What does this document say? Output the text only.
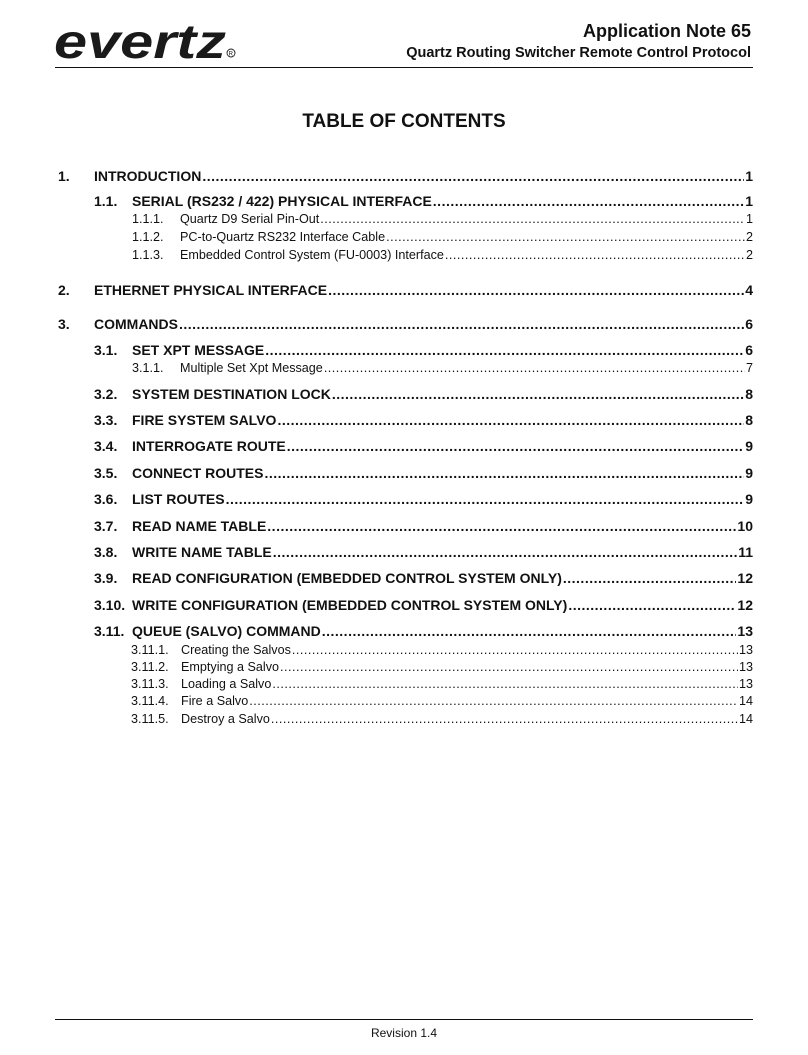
evertz R
Application Note 65
Quartz Routing Switcher Remote Control Protocol
TABLE OF CONTENTS
1.	INTRODUCTION .....	1
1.1.	SERIAL (RS232 / 422) PHYSICAL INTERFACE .....	1
1.1.1.	Quartz D9 Serial Pin-Out .....	1
1.1.2.	PC-to-Quartz RS232 Interface Cable .....	2
1.1.3.	Embedded Control System (FU-0003) Interface .....	2
2.	ETHERNET PHYSICAL INTERFACE .....	4
3.	COMMANDS .....	6
3.1.	SET XPT MESSAGE .....	6
3.1.1.	Multiple Set Xpt Message .....	7
3.2.	SYSTEM DESTINATION LOCK .....	8
3.3.	FIRE SYSTEM SALVO .....	8
3.4.	INTERROGATE ROUTE .....	9
3.5.	CONNECT ROUTES .....	9
3.6.	LIST ROUTES .....	9
3.7.	READ NAME TABLE .....	10
3.8.	WRITE NAME TABLE .....	11
3.9.	READ CONFIGURATION (EMBEDDED CONTROL SYSTEM ONLY) .....	12
3.10. WRITE CONFIGURATION (EMBEDDED CONTROL SYSTEM ONLY) .....	12
3.11. QUEUE (SALVO) COMMAND .....	13
3.11.1. Creating the Salvos .....	13
3.11.2. Emptying a Salvo .....	13
3.11.3. Loading a Salvo .....	13
3.11.4. Fire a Salvo .....	14
3.11.5. Destroy a Salvo .....	14
Revision 1.4
